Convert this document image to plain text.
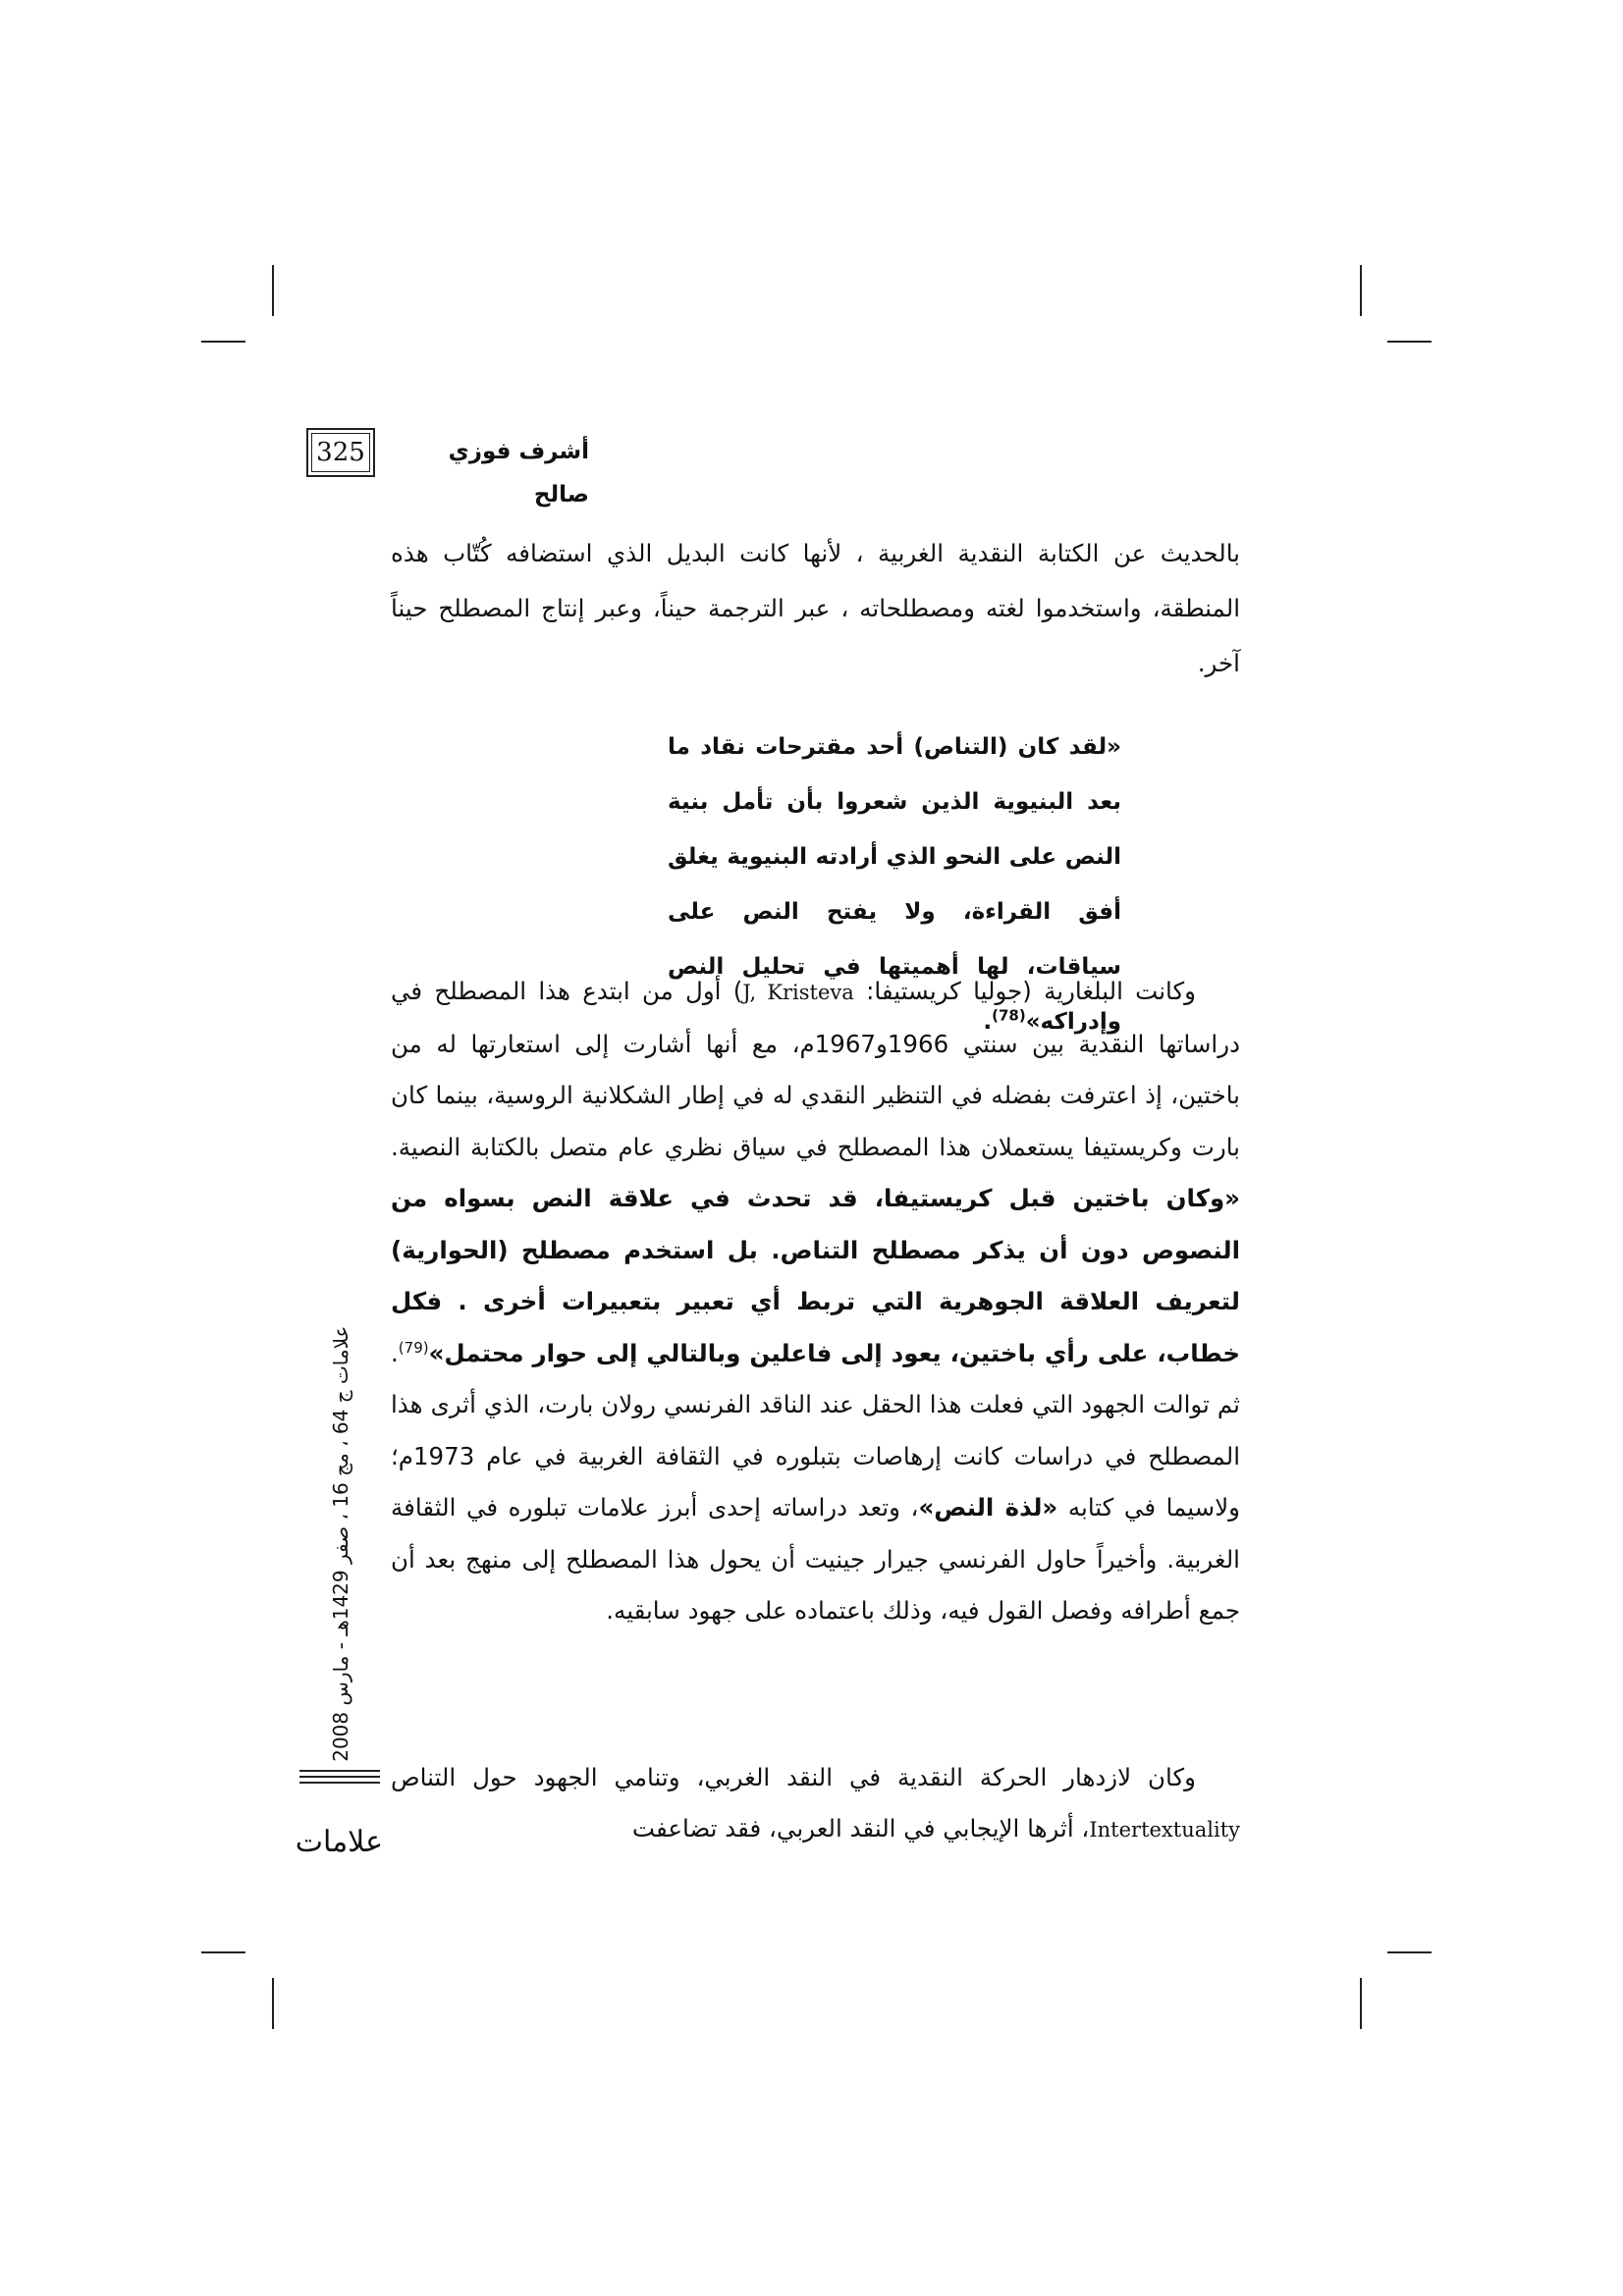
325	أشرف فوزي صالح

بالحديث عن الكتابة النقدية الغربية ، لأنها كانت البديل الذي استضافه كُتّاب هذه المنطقة، واستخدموا لغته ومصطلحاته ، عبر الترجمة حيناً، وعبر إنتاج المصطلح حيناً آخر.

«لقد كان (التناص) أحد مقترحات نقاد ما بعد البنيوية الذين شعروا بأن تأمل بنية النص على النحو الذي أرادته البنيوية يغلق أفق القراءة، ولا يفتح النص على سياقات، لها أهميتها في تحليل النص وإدراكه»$^{(78)}$.

وكانت البلغارية (جوليا كريستيفا: J, Kristeva) أول من ابتدع هذا المصطلح في دراساتها النقدية بين سنتي 1966و1967م، مع أنها أشارت إلى استعارتها له من باختين، إذ اعترفت بفضله في التنظير النقدي له في إطار الشكلانية الروسية، بينما كان بارت وكريستيفا يستعملان هذا المصطلح في سياق نظري عام متصل بالكتابة النصية. «وكان باختين قبل كريستيفا، قد تحدث في علاقة النص بسواه من النصوص دون أن يذكر مصطلح التناص. بل استخدم مصطلح (الحوارية) لتعريف العلاقة الجوهرية التي تربط أي تعبير بتعبيرات أخرى . فكل خطاب، على رأي باختين، يعود إلى فاعلين وبالتالي إلى حوار محتمل»$^{(79)}$. ثم توالت الجهود التي فعلت هذا الحقل عند الناقد الفرنسي رولان بارت، الذي أثرى هذا المصطلح في دراسات كانت إرهاصات بتبلوره في الثقافة الغربية في عام 1973م؛ ولاسيما في كتابه «لذة النص»، وتعد دراساته إحدى أبرز علامات تبلوره في الثقافة الغربية. وأخيراً حاول الفرنسي جيرار جينيت أن يحول هذا المصطلح إلى منهج بعد أن جمع أطرافه وفصل القول فيه، وذلك باعتماده على جهود سابقيه.

وكان لازدهار الحركة النقدية في النقد الغربي، وتنامي الجهود حول التناص Intertextuality، أثرها الإيجابي في النقد العربي، فقد تضاعفت

علامات ج 64 ، مج 16 ، صفر 1429هـ - مارس 2008
علامات
